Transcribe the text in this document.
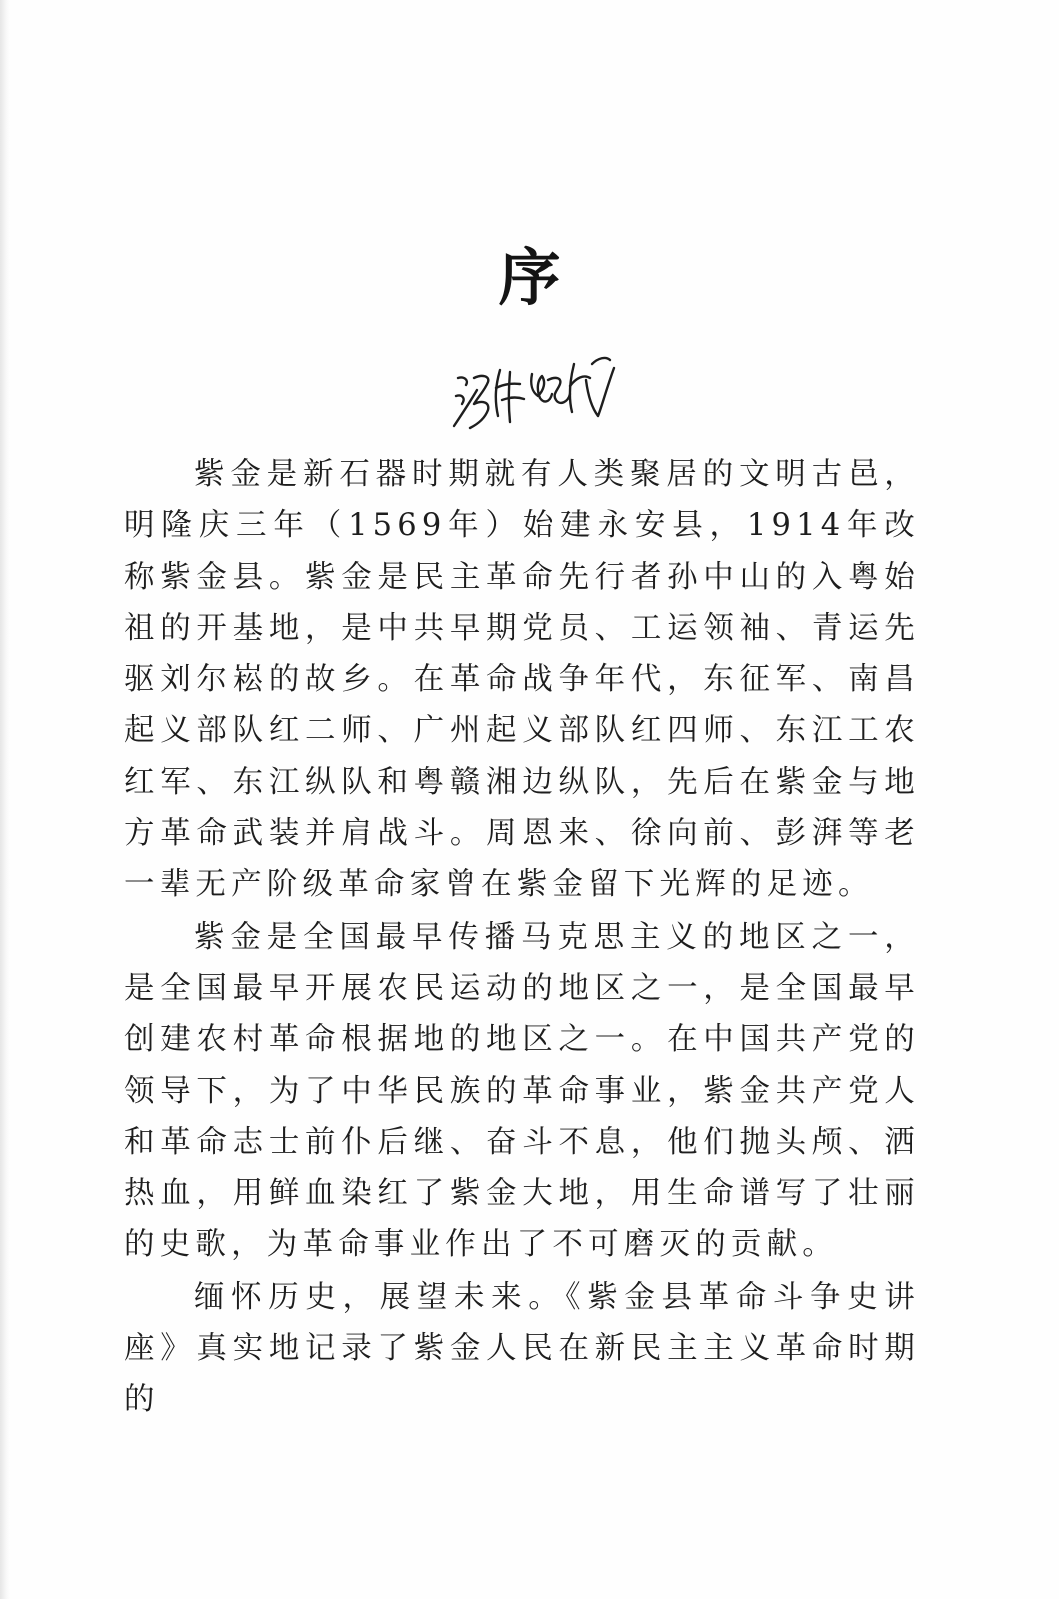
序

紫金是新石器时期就有人类聚居的文明古邑，明隆庆三年（1569年）始建永安县，1914年改称紫金县。紫金是民主革命先行者孙中山的入粤始祖的开基地，是中共早期党员、工运领袖、青运先驱刘尔崧的故乡。在革命战争年代，东征军、南昌起义部队红二师、广州起义部队红四师、东江工农红军、东江纵队和粤赣湘边纵队，先后在紫金与地方革命武装并肩战斗。周恩来、徐向前、彭湃等老一辈无产阶级革命家曾在紫金留下光辉的足迹。

紫金是全国最早传播马克思主义的地区之一，是全国最早开展农民运动的地区之一，是全国最早创建农村革命根据地的地区之一。在中国共产党的领导下，为了中华民族的革命事业，紫金共产党人和革命志士前仆后继、奋斗不息，他们抛头颅、洒热血，用鲜血染红了紫金大地，用生命谱写了壮丽的史歌，为革命事业作出了不可磨灭的贡献。

缅怀历史，展望未来。《紫金县革命斗争史讲座》真实地记录了紫金人民在新民主主义革命时期的
